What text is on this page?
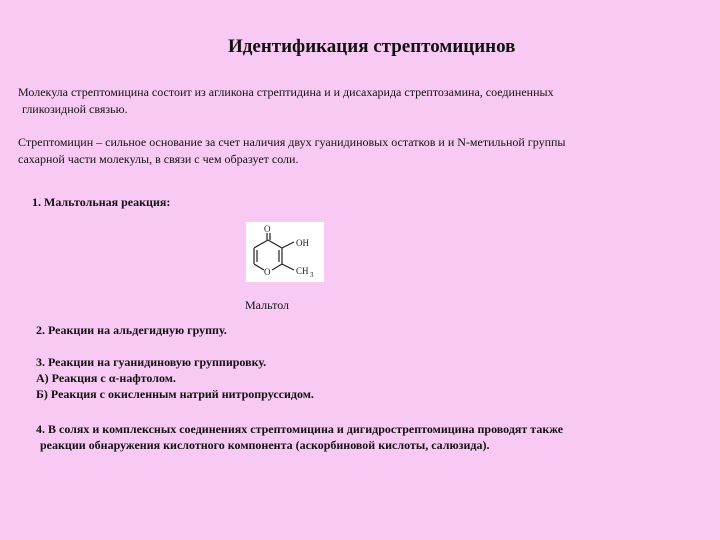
Идентификация стрептомицинов
Молекула стрептомицина состоит из агликона стрептидина и и дисахарида стрептозамина, соединенных
гликозидной связью.
Стрептомицин – сильное основание за счет наличия двух гуанидиновых остатков и и N-метильной группы
сахарной части молекулы, в связи с чем образует соли.
1. Мальтольная реакция:
O
O
OH
CH 3
Мальтол
2. Реакции на альдегидную группу.
3. Реакции на гуанидиновую группировку.
А) Реакция с α-нафтолом.
Б) Реакция с окисленным натрий нитропруссидом.
4. В солях и комплексных соединениях стрептомицина и дигидрострептомицина проводят также
реакции обнаружения кислотного компонента (аскорбиновой кислоты, салюзида).
